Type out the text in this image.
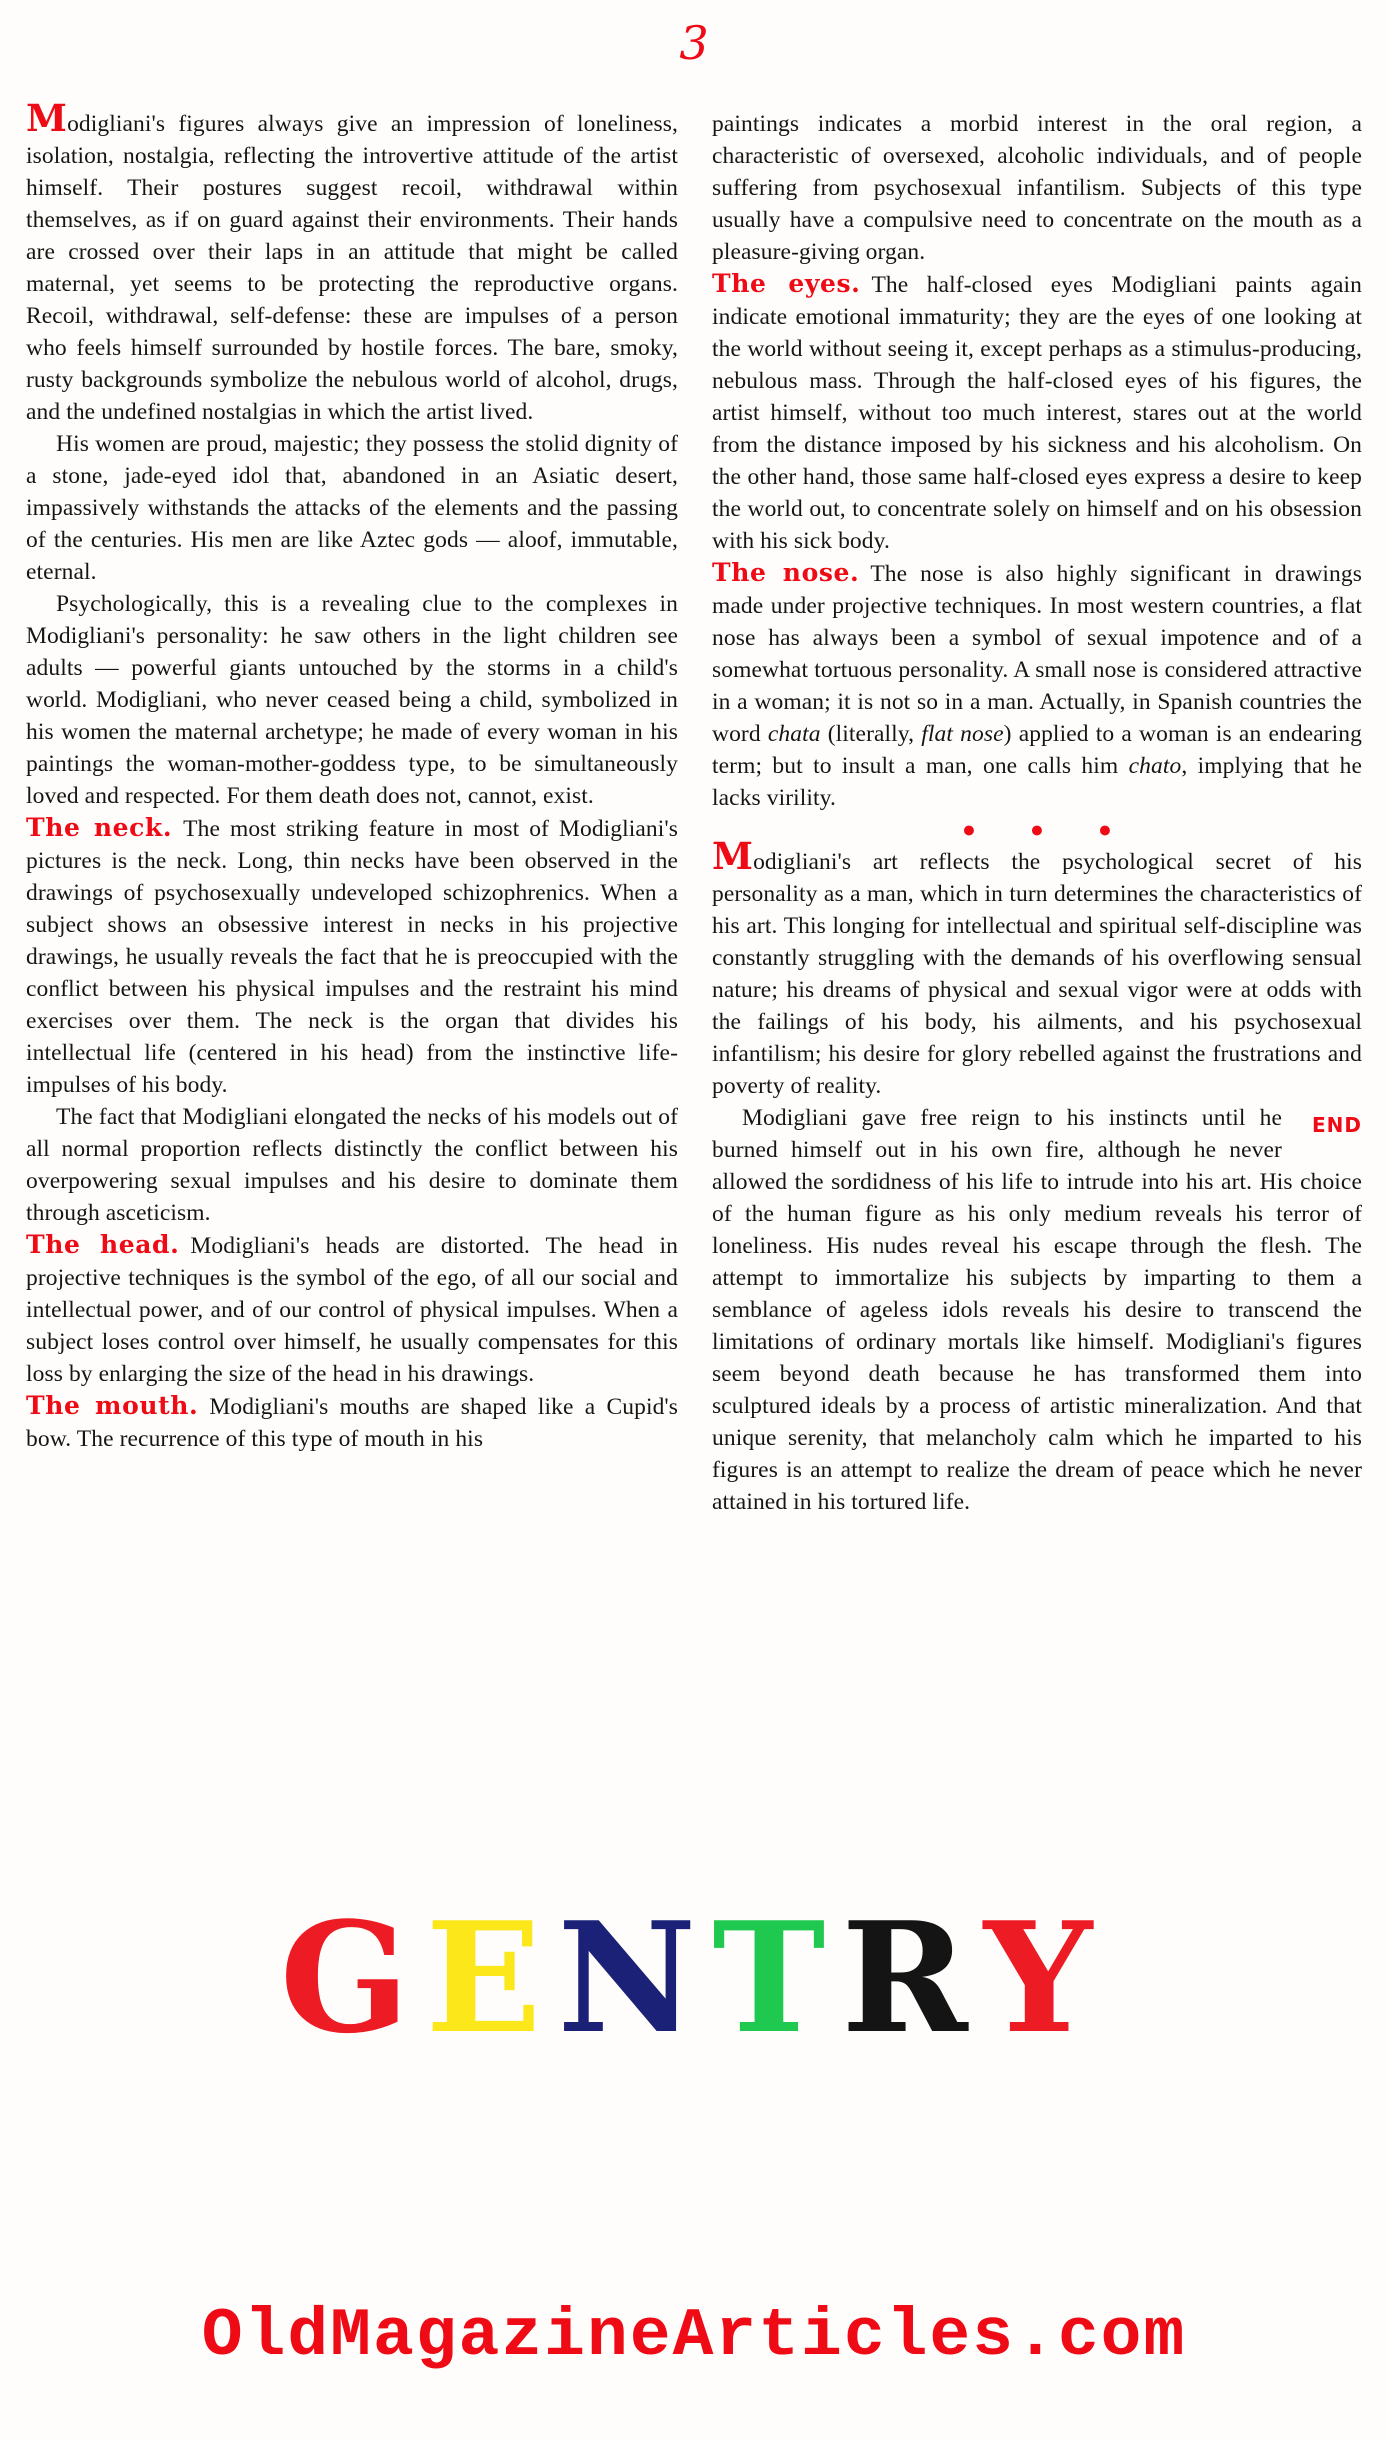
3

Modigliani's figures always give an impression of loneliness, isolation, nostalgia, reflecting the introvertive attitude of the artist himself. Their postures suggest recoil, withdrawal within themselves, as if on guard against their environments. Their hands are crossed over their laps in an attitude that might be called maternal, yet seems to be protecting the reproductive organs. Recoil, withdrawal, self-defense: these are impulses of a person who feels himself surrounded by hostile forces. The bare, smoky, rusty backgrounds symbolize the nebulous world of alcohol, drugs, and the undefined nostalgias in which the artist lived.

His women are proud, majestic; they possess the stolid dignity of a stone, jade-eyed idol that, abandoned in an Asiatic desert, impassively withstands the attacks of the elements and the passing of the centuries. His men are like Aztec gods — aloof, immutable, eternal.

Psychologically, this is a revealing clue to the complexes in Modigliani's personality: he saw others in the light children see adults — powerful giants untouched by the storms in a child's world. Modigliani, who never ceased being a child, symbolized in his women the maternal archetype; he made of every woman in his paintings the woman-mother-goddess type, to be simultaneously loved and respected. For them death does not, cannot, exist.

The neck. The most striking feature in most of Modigliani's pictures is the neck. Long, thin necks have been observed in the drawings of psychosexually undeveloped schizophrenics. When a subject shows an obsessive interest in necks in his projective drawings, he usually reveals the fact that he is preoccupied with the conflict between his physical impulses and the restraint his mind exercises over them. The neck is the organ that divides his intellectual life (centered in his head) from the instinctive life-impulses of his body.

The fact that Modigliani elongated the necks of his models out of all normal proportion reflects distinctly the conflict between his overpowering sexual impulses and his desire to dominate them through asceticism.

The head. Modigliani's heads are distorted. The head in projective techniques is the symbol of the ego, of all our social and intellectual power, and of our control of physical impulses. When a subject loses control over himself, he usually compensates for this loss by enlarging the size of the head in his drawings.

The mouth. Modigliani's mouths are shaped like a Cupid's bow. The recurrence of this type of mouth in his

paintings indicates a morbid interest in the oral region, a characteristic of oversexed, alcoholic individuals, and of people suffering from psychosexual infantilism. Subjects of this type usually have a compulsive need to concentrate on the mouth as a pleasure-giving organ.

The eyes. The half-closed eyes Modigliani paints again indicate emotional immaturity; they are the eyes of one looking at the world without seeing it, except perhaps as a stimulus-producing, nebulous mass. Through the half-closed eyes of his figures, the artist himself, without too much interest, stares out at the world from the distance imposed by his sickness and his alcoholism. On the other hand, those same half-closed eyes express a desire to keep the world out, to concentrate solely on himself and on his obsession with his sick body.

The nose. The nose is also highly significant in drawings made under projective techniques. In most western countries, a flat nose has always been a symbol of sexual impotence and of a somewhat tortuous personality. A small nose is considered attractive in a woman; it is not so in a man. Actually, in Spanish countries the word chata (literally, flat nose) applied to a woman is an endearing term; but to insult a man, one calls him chato, implying that he lacks virility.

● ● ●

Modigliani's art reflects the psychological secret of his personality as a man, which in turn determines the characteristics of his art. This longing for intellectual and spiritual self-discipline was constantly struggling with the demands of his overflowing sensual nature; his dreams of physical and sexual vigor were at odds with the failings of his body, his ailments, and his psychosexual infantilism; his desire for glory rebelled against the frustrations and poverty of reality.

END
Modigliani gave free reign to his instincts until he burned himself out in his own fire, although he never allowed the sordidness of his life to intrude into his art. His choice of the human figure as his only medium reveals his terror of loneliness. His nudes reveal his escape through the flesh. The attempt to immortalize his subjects by imparting to them a semblance of ageless idols reveals his desire to transcend the limitations of ordinary mortals like himself. Modigliani's figures seem beyond death because he has transformed them into sculptured ideals by a process of artistic mineralization. And that unique serenity, that melancholy calm which he imparted to his figures is an attempt to realize the dream of peace which he never attained in his tortured life.

GENTRY
OldMagazineArticles.com
